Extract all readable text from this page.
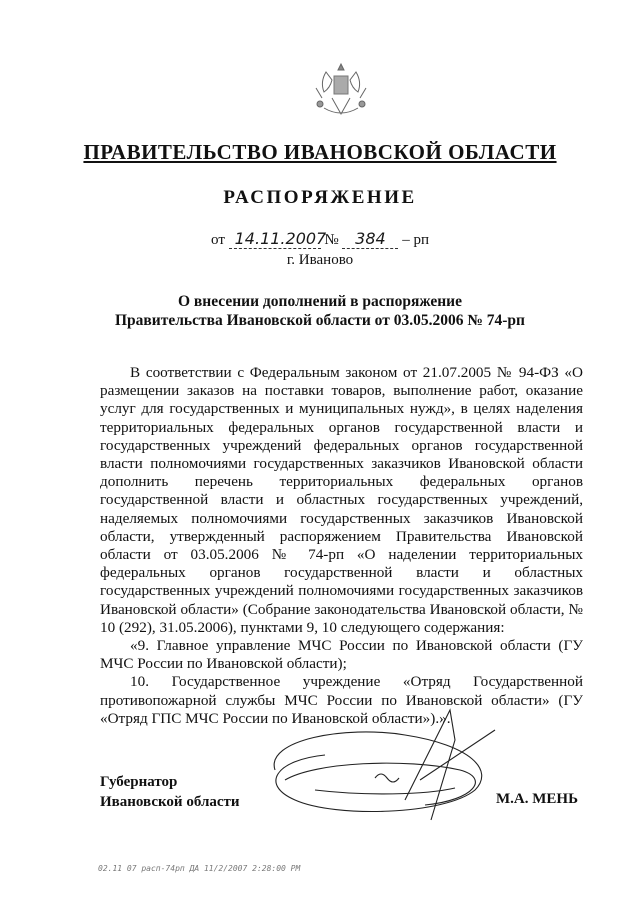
ПРАВИТЕЛЬСТВО ИВАНОВСКОЙ ОБЛАСТИ
РАСПОРЯЖЕНИЕ
от 14.11.2007 № 384 – рп
г. Иваново
О внесении дополнений в распоряжение
Правительства Ивановской области от 03.05.2006 № 74-рп

В соответствии с Федеральным законом от 21.07.2005 № 94-ФЗ «О размещении заказов на поставки товаров, выполнение работ, оказание услуг для государственных и муниципальных нужд», в целях наделения территориальных федеральных органов государственной власти и государственных учреждений федеральных органов государственной власти полномочиями государственных заказчиков Ивановской области дополнить перечень территориальных федеральных органов государственной власти и областных государственных учреждений, наделяемых полномочиями государственных заказчиков Ивановской области, утвержденный распоряжением Правительства Ивановской области от 03.05.2006 № 74-рп «О наделении территориальных федеральных органов государственной власти и областных государственных учреждений полномочиями государственных заказчиков Ивановской области» (Собрание законодательства Ивановской области, № 10 (292), 31.05.2006), пунктами 9, 10 следующего содержания:

«9. Главное управление МЧС России по Ивановской области (ГУ МЧС России по Ивановской области);

10. Государственное учреждение «Отряд Государственной противопожарной службы МЧС России по Ивановской области» (ГУ «Отряд ГПС МЧС России по Ивановской области»).».

Губернатор
Ивановской области	М.А. МЕНЬ
02.11 07 расп-74рп ДА 11/2/2007 2:28:00 PM
